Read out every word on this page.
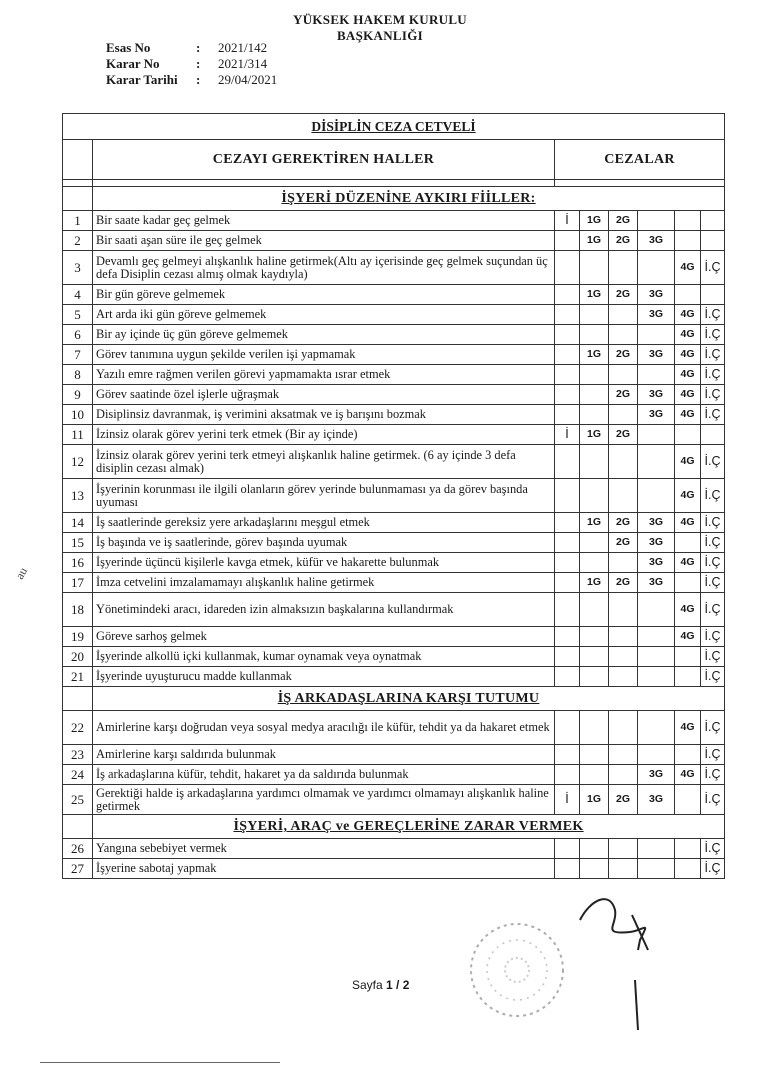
YÜKSEK HAKEM KURULU
BAŞKANLIĞI
Esas No	:	2021/142
Karar No	:	2021/314
Karar Tarihi	:	29/04/2021
DİSİPLİN CEZA CETVELİ							
	CEZAYI GEREKTİREN HALLER	CEZALAR					

	İŞYERİ DÜZENİNE AYKIRI FİİLLER:						
1	Bir saate kadar geç gelmek	İ	1G	2G			
2	Bir saati aşan süre ile geç gelmek		1G	2G	3G		
3	Devamlı geç gelmeyi alışkanlık haline getirmek(Altı ay içerisinde geç gelmek suçundan üç defa Disiplin cezası almış olmak kaydıyla)					4G	İ.Ç
4	Bir gün göreve gelmemek		1G	2G	3G		
5	Art arda iki gün göreve gelmemek				3G	4G	İ.Ç
6	Bir ay içinde üç gün göreve gelmemek					4G	İ.Ç
7	Görev tanımına uygun şekilde verilen işi yapmamak		1G	2G	3G	4G	İ.Ç
8	Yazılı emre rağmen verilen görevi yapmamakta ısrar etmek					4G	İ.Ç
9	Görev saatinde özel işlerle uğraşmak			2G	3G	4G	İ.Ç
10	Disiplinsiz davranmak, iş verimini aksatmak ve iş barışını bozmak				3G	4G	İ.Ç
11	İzinsiz olarak görev yerini terk etmek (Bir ay içinde)	İ	1G	2G			
12	İzinsiz olarak görev yerini terk etmeyi alışkanlık haline getirmek. (6 ay içinde 3 defa disiplin cezası almak)					4G	İ.Ç
13	İşyerinin korunması ile ilgili olanların görev yerinde bulunmaması ya da görev başında uyuması					4G	İ.Ç
14	İş saatlerinde gereksiz yere arkadaşlarını meşgul etmek		1G	2G	3G	4G	İ.Ç
15	İş başında ve iş saatlerinde, görev başında uyumak			2G	3G		İ.Ç
16	İşyerinde üçüncü kişilerle kavga etmek, küfür ve hakarette bulunmak				3G	4G	İ.Ç
17	İmza cetvelini imzalamamayı alışkanlık haline getirmek		1G	2G	3G		İ.Ç
18	Yönetimindeki aracı, idareden izin almaksızın başkalarına kullandırmak					4G	İ.Ç
19	Göreve sarhoş gelmek					4G	İ.Ç
20	İşyerinde alkollü içki kullanmak, kumar oynamak veya oynatmak						İ.Ç
21	İşyerinde uyuşturucu madde kullanmak						İ.Ç
	İŞ ARKADAŞLARINA KARŞI TUTUMU						
22	Amirlerine karşı doğrudan veya sosyal medya aracılığı ile küfür, tehdit ya da hakaret etmek					4G	İ.Ç
23	Amirlerine karşı saldırıda bulunmak						İ.Ç
24	İş arkadaşlarına küfür, tehdit, hakaret ya da saldırıda bulunmak				3G	4G	İ.Ç
25	Gerektiği halde iş arkadaşlarına yardımcı olmamak ve yardımcı olmamayı alışkanlık haline getirmek	İ	1G	2G	3G		İ.Ç
	İŞYERİ, ARAÇ ve GEREÇLERİNE ZARAR VERMEK						
26	Yangına sebebiyet vermek						İ.Ç
27	İşyerine sabotaj yapmak						İ.Ç
au
Sayfa 1 / 2
